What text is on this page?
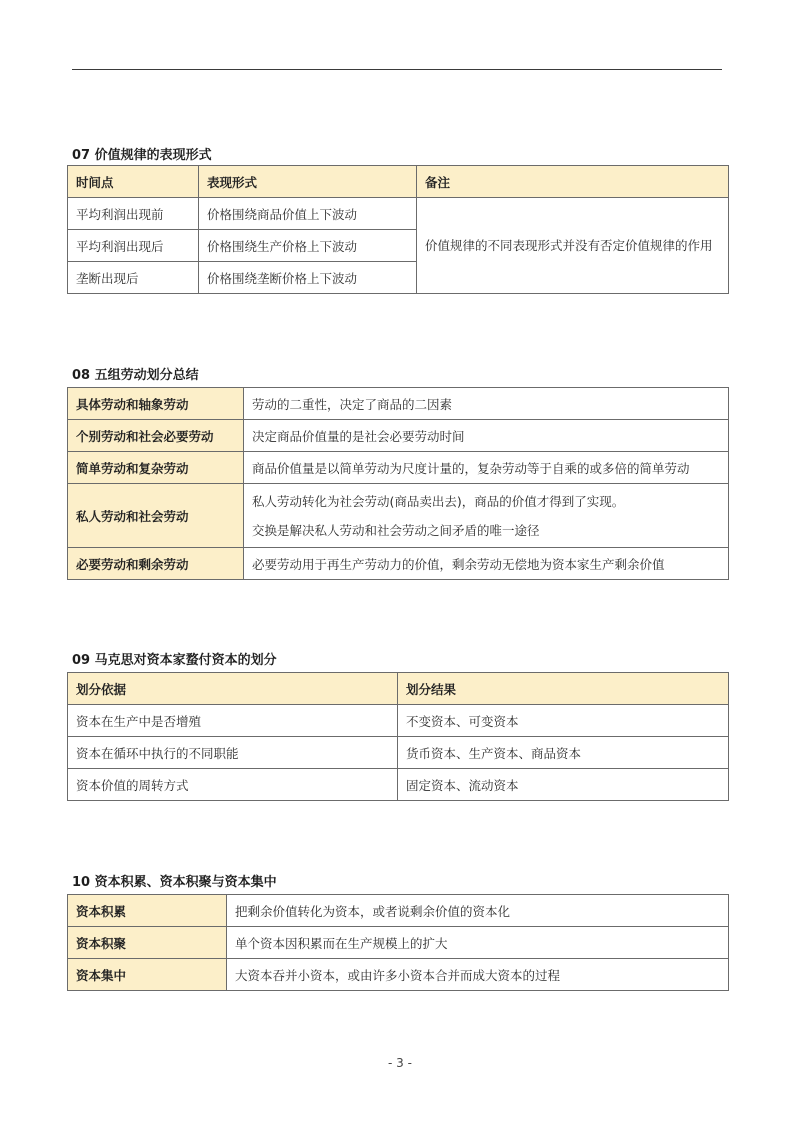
07 价值规律的表现形式
时间点	表现形式	备注
平均利润出现前	价格围绕商品价值上下波动	价值规律的不同表现形式并没有否定价值规律的作用
平均利润出现后	价格围绕生产价格上下波动	
垄断出现后	价格围绕垄断价格上下波动	
08 五组劳动划分总结
具体劳动和轴象劳动	劳动的二重性，决定了商品的二因素
个别劳动和社会必要劳动	决定商品价值量的是社会必要劳动时间
简单劳动和复杂劳动	商品价值量是以简单劳动为尺度计量的，复杂劳动等于自乘的或多倍的简单劳动
私人劳动和社会劳动	私人劳动转化为社会劳动(商品卖出去)，商品的价值才得到了实现。
交换是解决私人劳动和社会劳动之间矛盾的唯一途径

必要劳动和剩余劳动	必要劳动用于再生产劳动力的价值，剩余劳动无偿地为资本家生产剩余价值
09 马克思对资本家蝥付资本的划分
划分依据	划分结果
资本在生产中是否增殖	不变资本、可变资本
资本在循环中执行的不同职能	货币资本、生产资本、商品资本
资本价值的周转方式	固定资本、流动资本
10 资本积累、资本积聚与资本集中
资本积累	把剩余价值转化为资本，或者说剩余价值的资本化
资本积聚	单个资本因积累而在生产规模上的扩大
资本集中	大资本吞并小资本，或由许多小资本合并而成大资本的过程
- 3 -
